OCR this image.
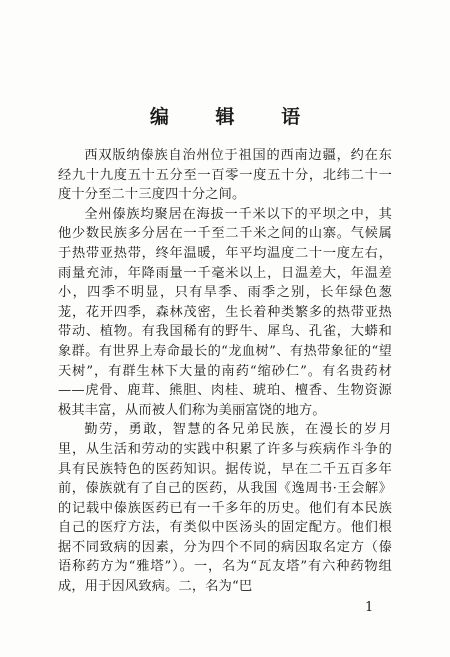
编 辑 语

西双版纳傣族自治州位于祖国的西南边疆，约在东经九十九度五十五分至一百零一度五十分，北纬二十一度十分至二十三度四十分之间。

全州傣族均聚居在海拔一千米以下的平坝之中，其他少数民族多分居在一千至二千米之间的山寨。气候属于热带亚热带，终年温暖，年平均温度二十一度左右，雨量充沛，年降雨量一千毫米以上，日温差大，年温差小，四季不明显，只有旱季、雨季之别，长年绿色葱茏，花开四季，森林茂密，生长着种类繁多的热带亚热带动、植物。有我国稀有的野牛、犀鸟、孔雀，大蟒和象群。有世界上寿命最长的“龙血树”、有热带象征的“望天树”，有群生林下大量的南药“缩砂仁”。有名贵药材——虎骨、鹿茸、熊胆、肉桂、琥珀、檀香、生物资源极其丰富，从而被人们称为美丽富饶的地方。

勤劳，勇敢，智慧的各兄弟民族，在漫长的岁月里，从生活和劳动的实践中积累了许多与疾病作斗争的具有民族特色的医药知识。据传说，早在二千五百多年前，傣族就有了自己的医药，从我国《逸周书·王会解》的记载中傣族医药已有一千多年的历史。他们有本民族自己的医疗方法，有类似中医汤头的固定配方。他们根据不同致病的因素，分为四个不同的病因取名定方（傣语称药方为“雅塔”）。一，名为“瓦友塔”有六种药物组成，用于因风致病。二，名为“巴

1
